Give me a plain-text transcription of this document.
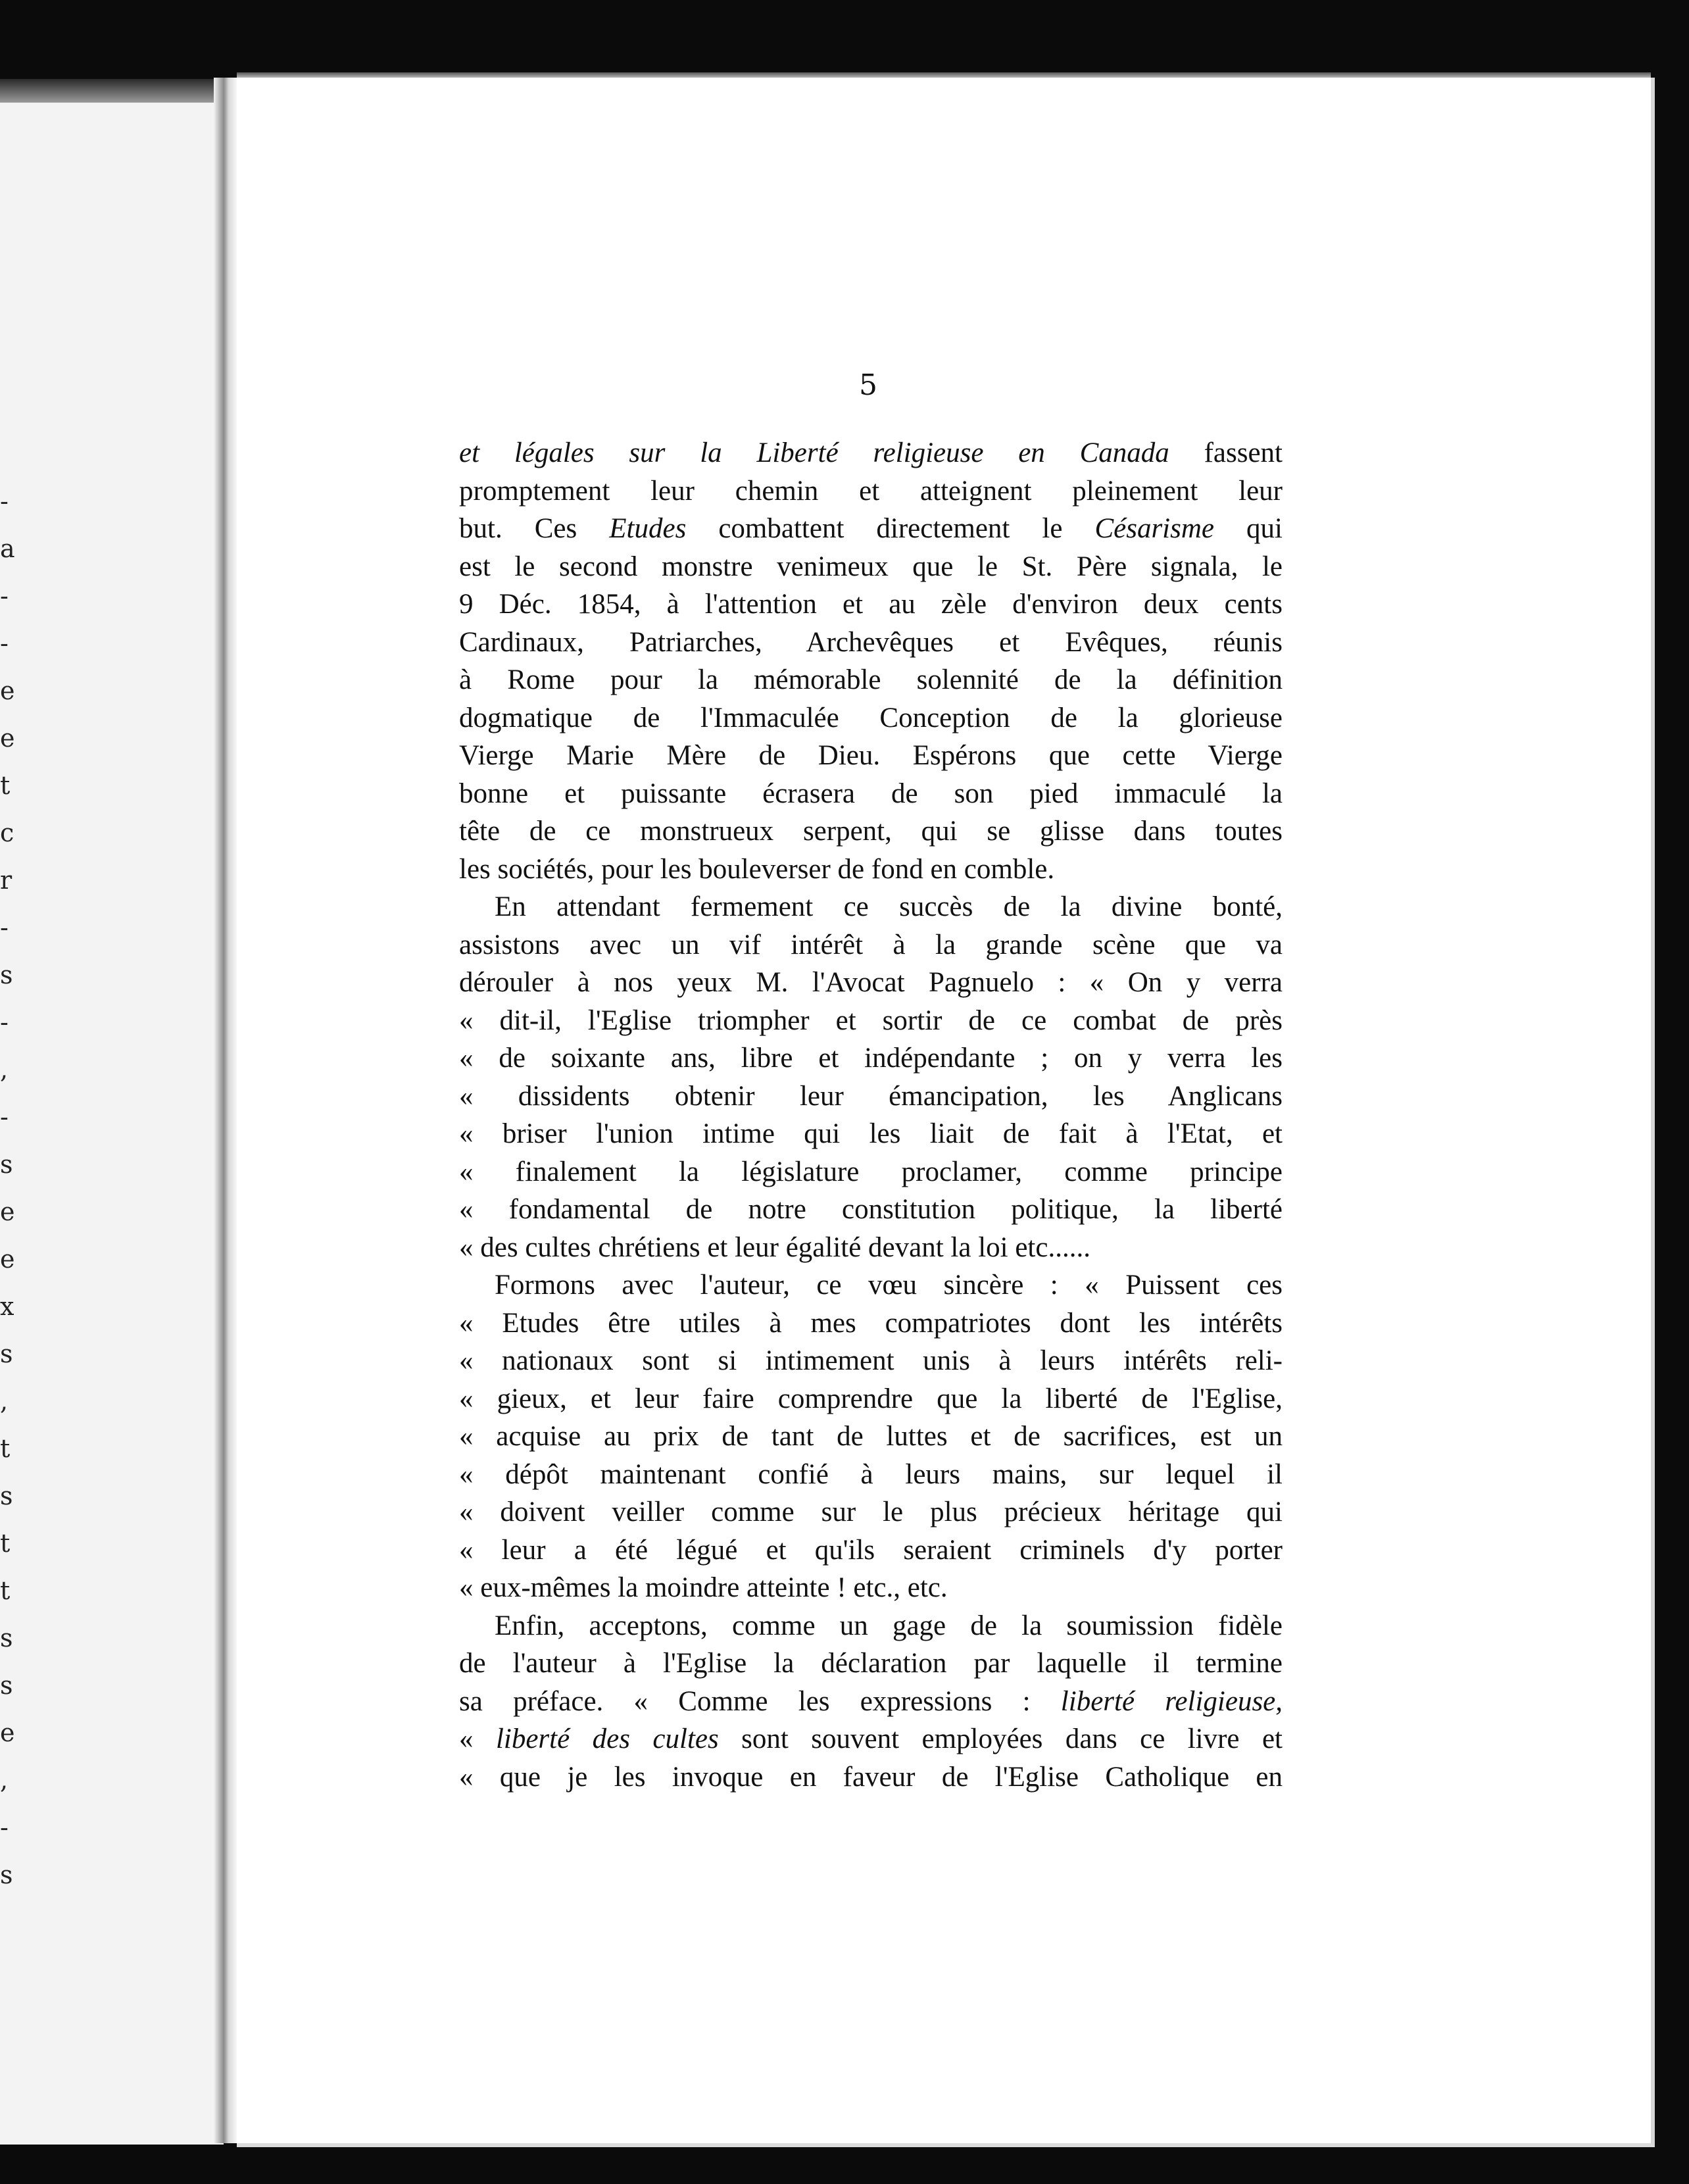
-
a
-
-
e
e
t
c
r
-
s
-
,
-
s
e
e
x
s
,
t
s
t
t
s
s
e
,
-
s
5
et légales sur la Liberté religieuse en Canada fassent
promptement leur chemin et atteignent pleinement leur
but. Ces Etudes combattent directement le Césarisme qui
est le second monstre venimeux que le St. Père signala, le
9 Déc. 1854, à l'attention et au zèle d'environ deux cents
Cardinaux, Patriarches, Archevêques et Evêques, réunis
à Rome pour la mémorable solennité de la définition
dogmatique de l'Immaculée Conception de la glorieuse
Vierge Marie Mère de Dieu. Espérons que cette Vierge
bonne et puissante écrasera de son pied immaculé la
tête de ce monstrueux serpent, qui se glisse dans toutes
les sociétés, pour les bouleverser de fond en comble.
En attendant fermement ce succès de la divine bonté,
assistons avec un vif intérêt à la grande scène que va
dérouler à nos yeux M. l'Avocat Pagnuelo : « On y verra
« dit-il, l'Eglise triompher et sortir de ce combat de près
« de soixante ans, libre et indépendante ; on y verra les
« dissidents obtenir leur émancipation, les Anglicans
« briser l'union intime qui les liait de fait à l'Etat, et
« finalement la législature proclamer, comme principe
« fondamental de notre constitution politique, la liberté
« des cultes chrétiens et leur égalité devant la loi etc......
Formons avec l'auteur, ce vœu sincère : « Puissent ces
« Etudes être utiles à mes compatriotes dont les intérêts
« nationaux sont si intimement unis à leurs intérêts reli-
« gieux, et leur faire comprendre que la liberté de l'Eglise,
« acquise au prix de tant de luttes et de sacrifices, est un
« dépôt maintenant confié à leurs mains, sur lequel il
« doivent veiller comme sur le plus précieux héritage qui
« leur a été légué et qu'ils seraient criminels d'y porter
« eux-mêmes la moindre atteinte ! etc., etc.
Enfin, acceptons, comme un gage de la soumission fidèle
de l'auteur à l'Eglise la déclaration par laquelle il termine
sa préface. « Comme les expressions : liberté religieuse,
« liberté des cultes sont souvent employées dans ce livre et
« que je les invoque en faveur de l'Eglise Catholique en
